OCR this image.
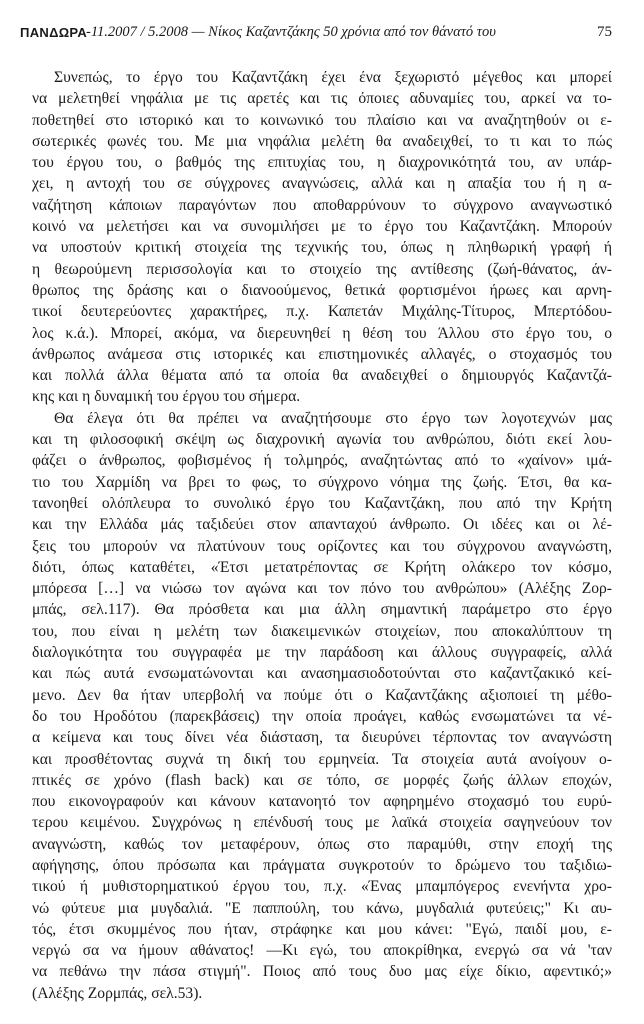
ΠΑΝΔΩΡΑ
-11.2007 / 5.2008 — Νίκος Καζαντζάκης 50 χρόνια από τον θάνατό του	75
Συνεπώς, το έργο του Καζαντζάκη έχει ένα ξεχωριστό μέγεθος και μπορεί
να μελετηθεί νηφάλια με τις αρετές και τις όποιες αδυναμίες του, αρκεί να το-
ποθετηθεί στο ιστορικό και το κοινωνικό του πλαίσιο και να αναζητηθούν οι ε-
σωτερικές φωνές του. Με μια νηφάλια μελέτη θα αναδειχθεί, το τι και το πώς
του έργου του, ο βαθμός της επιτυχίας του, η διαχρονικότητά του, αν υπάρ-
χει, η αντοχή του σε σύγχρονες αναγνώσεις, αλλά και η απαξία του ή η α-
ναζήτηση κάποιων παραγόντων που αποθαρρύνουν το σύγχρονο αναγνωστικό
κοινό να μελετήσει και να συνομιλήσει με το έργο του Καζαντζάκη. Μπορούν
να υποστούν κριτική στοιχεία της τεχνικής του, όπως η πληθωρική γραφή ή
η θεωρούμενη περισσολογία και το στοιχείο της αντίθεσης (ζωή-θάνατος, άν-
θρωπος της δράσης και ο διανοούμενος, θετικά φορτισμένοι ήρωες και αρνη-
τικοί δευτερεύοντες χαρακτήρες, π.χ. Καπετάν Μιχάλης-Τίτυρος, Μπερτόδου-
λος κ.ά.). Μπορεί, ακόμα, να διερευνηθεί η θέση του Άλλου στο έργο του, ο
άνθρωπος ανάμεσα στις ιστορικές και επιστημονικές αλλαγές, ο στοχασμός του
και πολλά άλλα θέματα από τα οποία θα αναδειχθεί ο δημιουργός Καζαντζά-
κης και η δυναμική του έργου του σήμερα.
Θα έλεγα ότι θα πρέπει να αναζητήσουμε στο έργο των λογοτεχνών μας
και τη φιλοσοφική σκέψη ως διαχρονική αγωνία του ανθρώπου, διότι εκεί λου-
φάζει ο άνθρωπος, φοβισμένος ή τολμηρός, αναζητώντας από το «χαίνον» ιμά-
τιο του Χαρμίδη να βρει το φως, το σύγχρονο νόημα της ζωής. Έτσι, θα κα-
τανοηθεί ολόπλευρα το συνολικό έργο του Καζαντζάκη, που από την Κρήτη
και την Ελλάδα μάς ταξιδεύει στον απανταχού άνθρωπο. Οι ιδέες και οι λέ-
ξεις του μπορούν να πλατύνουν τους ορίζοντες και του σύγχρονου αναγνώστη,
διότι, όπως καταθέτει, «Έτσι μετατρέποντας σε Κρήτη ολάκερο τον κόσμο,
μπόρεσα […] να νιώσω τον αγώνα και τον πόνο του ανθρώπου» (Αλέξης Ζορ-
μπάς, σελ.117). Θα πρόσθετα και μια άλλη σημαντική παράμετρο στο έργο
του, που είναι η μελέτη των διακειμενικών στοιχείων, που αποκαλύπτουν τη
διαλογικότητα του συγγραφέα με την παράδοση και άλλους συγγραφείς, αλλά
και πώς αυτά ενσωματώνονται και ανασημασιοδοτούνται στο καζαντζακικό κεί-
μενο. Δεν θα ήταν υπερβολή να πούμε ότι ο Καζαντζάκης αξιοποιεί τη μέθο-
δο του Ηροδότου (παρεκβάσεις) την οποία προάγει, καθώς ενσωματώνει τα νέ-
α κείμενα και τους δίνει νέα διάσταση, τα διευρύνει τέρποντας τον αναγνώστη
και προσθέτοντας συχνά τη δική του ερμηνεία. Τα στοιχεία αυτά ανοίγουν ο-
πτικές σε χρόνο (flash back) και σε τόπο, σε μορφές ζωής άλλων εποχών,
που εικονογραφούν και κάνουν κατανοητό τον αφηρημένο στοχασμό του ευρύ-
τερου κειμένου. Συγχρόνως η επένδυσή τους με λαϊκά στοιχεία σαγηνεύουν τον
αναγνώστη, καθώς τον μεταφέρουν, όπως στο παραμύθι, στην εποχή της
αφήγησης, όπου πρόσωπα και πράγματα συγκροτούν το δρώμενο του ταξιδιω-
τικού ή μυθιστορηματικού έργου του, π.χ. «Ένας μπαμπόγερος ενενήντα χρο-
νώ φύτευε μια μυγδαλιά. "Ε παππούλη, του κάνω, μυγδαλιά φυτεύεις;" Κι αυ-
τός, έτσι σκυμμένος που ήταν, στράφηκε και μου κάνει: "Εγώ, παιδί μου, ε-
νεργώ σα να ήμουν αθάνατος! —Κι εγώ, του αποκρίθηκα, ενεργώ σα νά 'ταν
να πεθάνω την πάσα στιγμή". Ποιος από τους δυο μας είχε δίκιο, αφεντικό;»
(Αλέξης Ζορμπάς, σελ.53).
